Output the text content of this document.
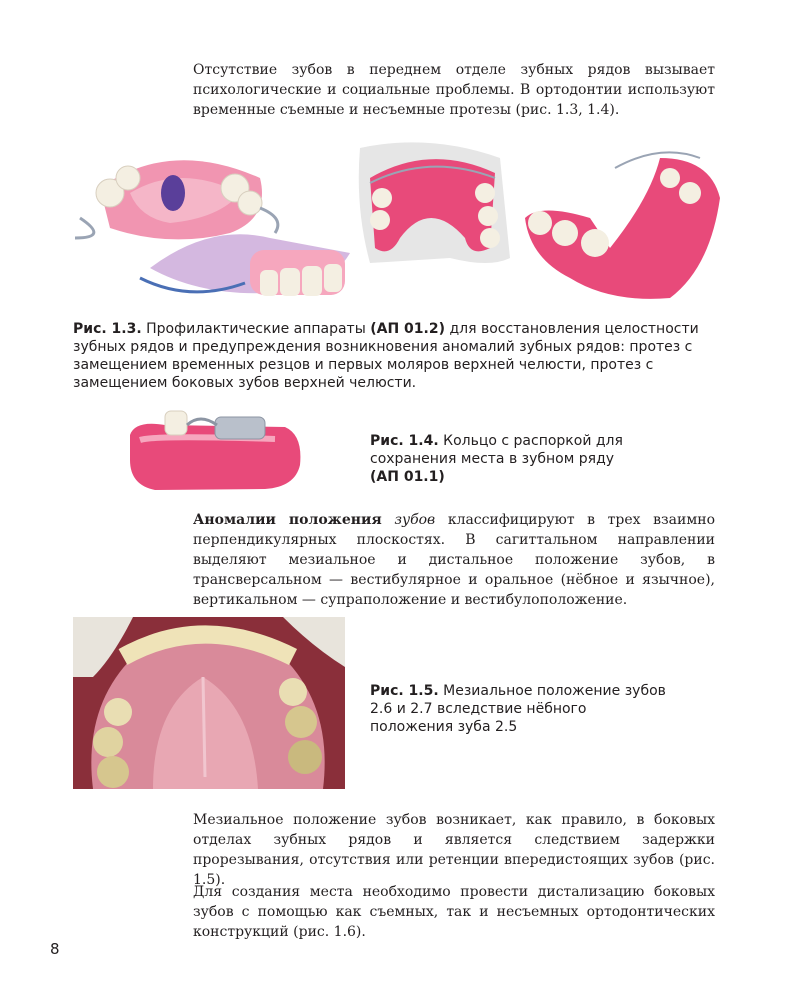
Отсутствие зубов в переднем отделе зубных рядов вызывает психологические и социальные проблемы. В ортодонтии используют временные съемные и несъемные протезы (рис. 1.3, 1.4).

Рис. 1.3. Профилактические аппараты (АП 01.2) для восстановления целостности зубных рядов и предупреждения возникновения аномалий зубных рядов: протез с замещением временных резцов и первых моляров верхней челюсти, протез с замещением боковых зубов верхней челюсти.

Рис. 1.4. Кольцо с распоркой для сохранения места в зубном ряду
(АП 01.1)

Аномалии положения зубов классифицируют в трех взаимно перпендикулярных плоскостях. В сагиттальном направлении выделяют мезиальное и дистальное положение зубов, в трансверсальном — вестибулярное и оральное (нёбное и язычное), вертикальном — супраположение и вестибулоположение.

Рис. 1.5. Мезиальное положение зубов 2.6 и 2.7 вследствие нёбного положения зуба 2.5

Мезиальное положение зубов возникает, как правило, в боковых отделах зубных рядов и является следствием задержки прорезывания, отсутствия или ретенции впередистоящих зубов (рис. 1.5).

Для создания места необходимо провести дистализацию боковых зубов с помощью как съемных, так и несъемных ортодонтических конструкций (рис. 1.6).

8
